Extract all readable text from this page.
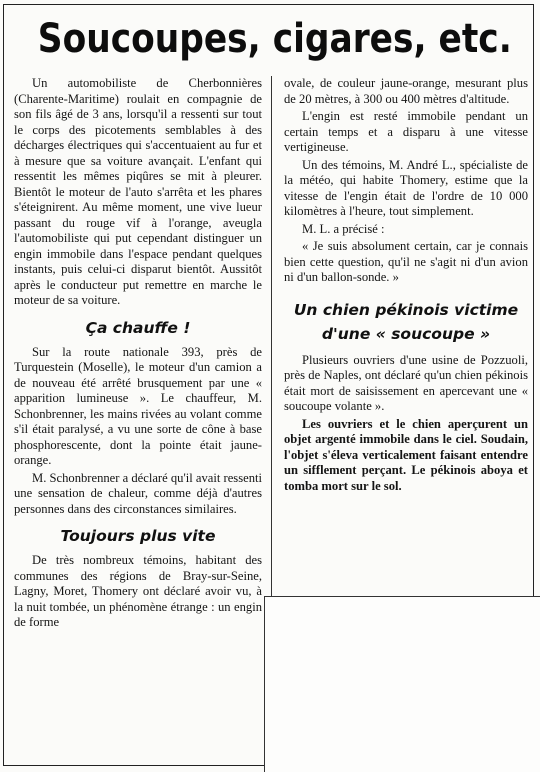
Soucoupes, cigares, etc.

Un automobiliste de Cherbonnières (Charente-Maritime) roulait en compagnie de son fils âgé de 3 ans, lorsqu'il a ressenti sur tout le corps des picotements semblables à des décharges électriques qui s'accentuaient au fur et à mesure que sa voiture avançait. L'enfant qui ressentit les mêmes piqûres se mit à pleurer. Bientôt le moteur de l'auto s'arrêta et les phares s'éteignirent. Au même moment, une vive lueur passant du rouge vif à l'orange, aveugla l'automobiliste qui put cependant distinguer un engin immobile dans l'espace pendant quelques instants, puis celui-ci disparut bientôt. Aussitôt après le conducteur put remettre en marche le moteur de sa voiture.

Ça chauffe !

Sur la route nationale 393, près de Turquestein (Moselle), le moteur d'un camion a de nouveau été arrêté brusquement par une « apparition lumineuse ». Le chauffeur, M. Schonbrenner, les mains rivées au volant comme s'il était paralysé, a vu une sorte de cône à base phosphorescente, dont la pointe était jaune-orange.

M. Schonbrenner a déclaré qu'il avait ressenti une sensation de chaleur, comme déjà d'autres personnes dans des circonstances similaires.

Toujours plus vite

De très nombreux témoins, habitant des communes des régions de Bray-sur-Seine, Lagny, Moret, Thomery ont déclaré avoir vu, à la nuit tombée, un phénomène étrange : un engin de forme

ovale, de couleur jaune-orange, mesurant plus de 20 mètres, à 300 ou 400 mètres d'altitude.

L'engin est resté immobile pendant un certain temps et a disparu à une vitesse vertigineuse.

Un des témoins, M. André L., spécialiste de la météo, qui habite Thomery, estime que la vitesse de l'engin était de l'ordre de 10 000 kilomètres à l'heure, tout simplement.

M. L. a précisé :

« Je suis absolument certain, car je connais bien cette question, qu'il ne s'agit ni d'un avion ni d'un ballon-sonde. »

Un chien pékinois victime d'une « soucoupe »

Plusieurs ouvriers d'une usine de Pozzuoli, près de Naples, ont déclaré qu'un chien pékinois était mort de saisissement en apercevant une « soucoupe volante ».

Les ouvriers et le chien aperçurent un objet argenté immobile dans le ciel. Soudain, l'objet s'éleva verticalement faisant entendre un sifflement perçant. Le pékinois aboya et tomba mort sur le sol.
